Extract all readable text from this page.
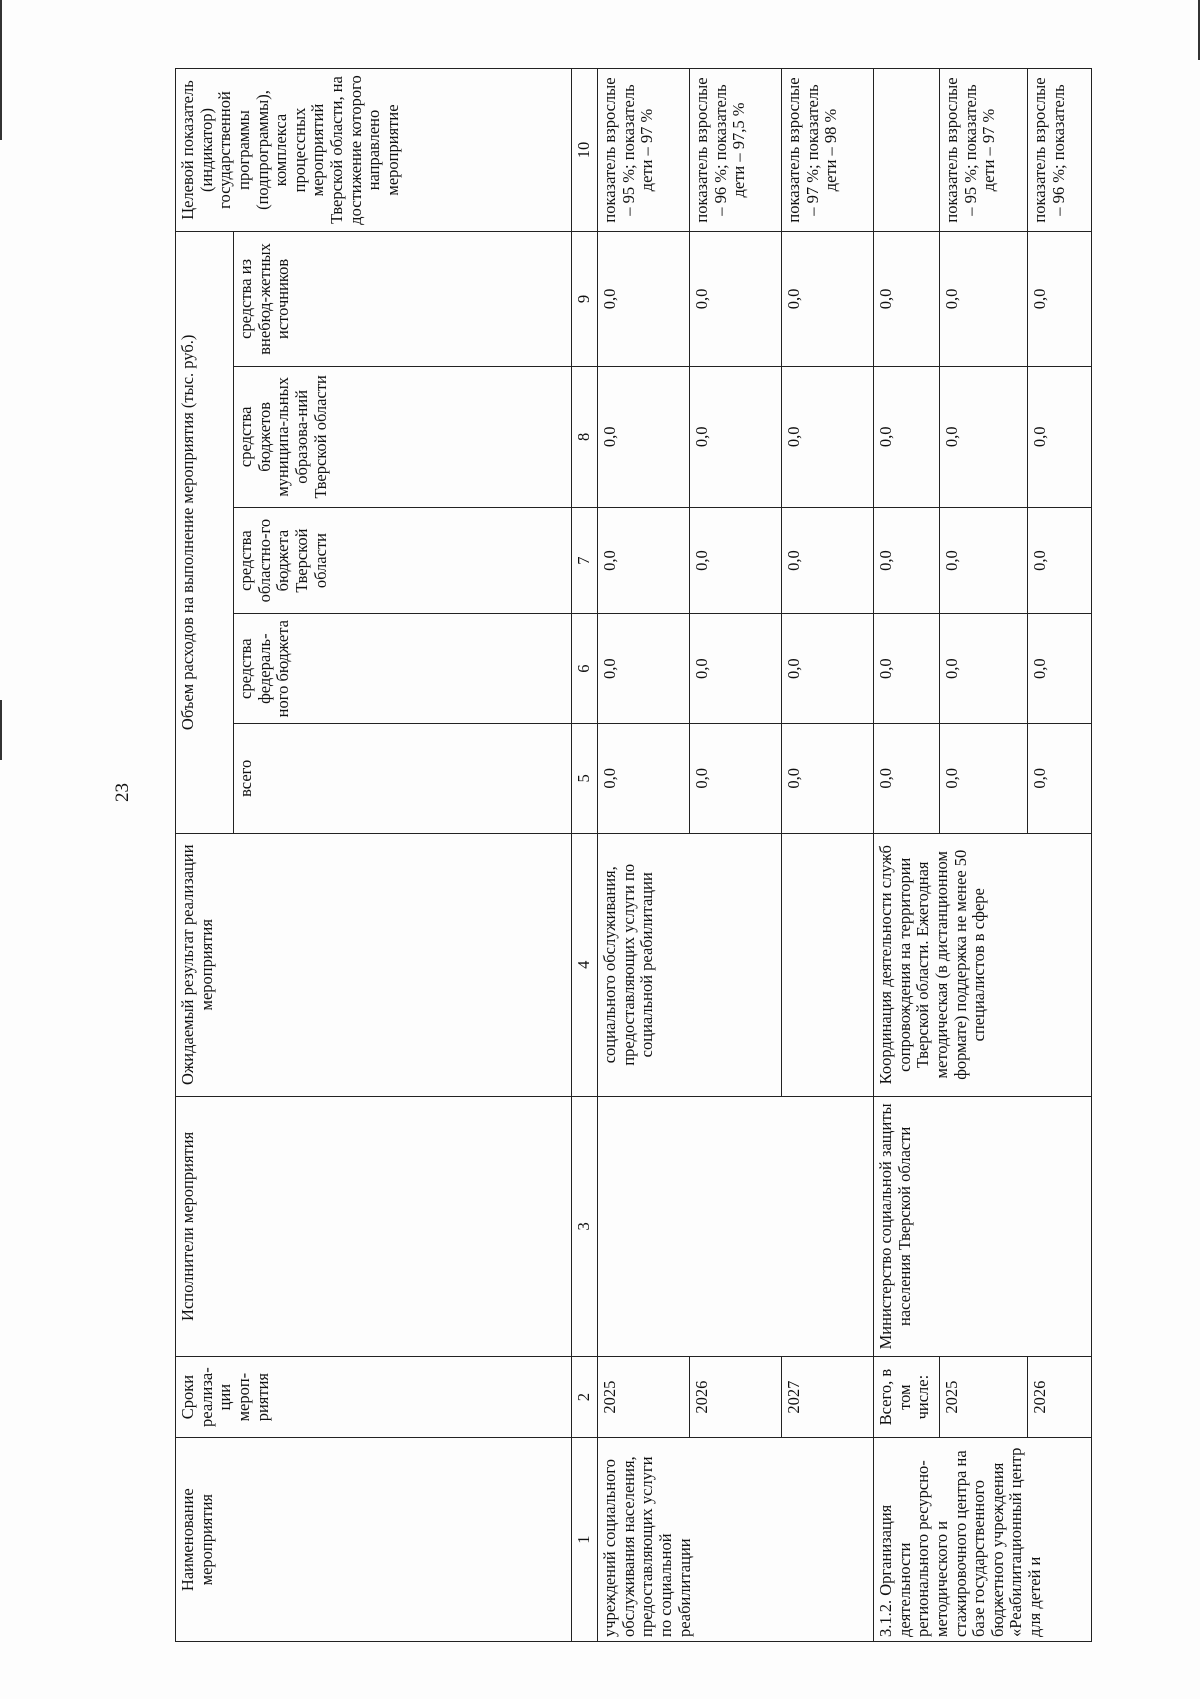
23
Наименование мероприятия	Сроки реализа-ции мероп-риятия	Исполнители мероприятия	Ожидаемый результат реализации мероприятия	Объем расходов на выполнение мероприятия (тыс. руб.)					Целевой показатель (индикатор) государственной программы (подпрограммы), комплекса процессных мероприятий Тверской области, на достижение которого направлено мероприятие
				всего	средства федераль-ного бюджета	средства областно-го бюджета Тверской области	средства бюджетов муниципа-льных образова-ний Тверской области	средства из внебюд-жетных источников	

1	2	3	4	5	6	7	8	9	10
учреждений социального обслуживания населения, предоставляющих услуги по социальной реабилитации	2025		социального обслуживания, предоставляющих услуги по социальной реабилитации	0,0	0,0	0,0	0,0	0,0	показатель взрослые – 95 %; показатель дети – 97 %
	2026			0,0	0,0	0,0	0,0	0,0	показатель взрослые – 96 %; показатель дети – 97,5 %
	2027			0,0	0,0	0,0	0,0	0,0	показатель взрослые – 97 %; показатель дети – 98 %
3.1.2. Организация деятельности регионального ресурсно-методического и стажировочного центра на базе государственного бюджетного учреждения «Реабилитационный центр для детей и	Всего, в том числе:	Министерство социальной защиты населения Тверской области	Координация деятельности служб сопровождения на территории Тверской области. Ежегодная методическая (в дистанционном формате) поддержка не менее 50 специалистов в сфере	0,0	0,0	0,0	0,0	0,0	
	2025			0,0	0,0	0,0	0,0	0,0	показатель взрослые – 95 %; показатель дети – 97 %
	2026			0,0	0,0	0,0	0,0	0,0	показатель взрослые – 96 %; показатель
